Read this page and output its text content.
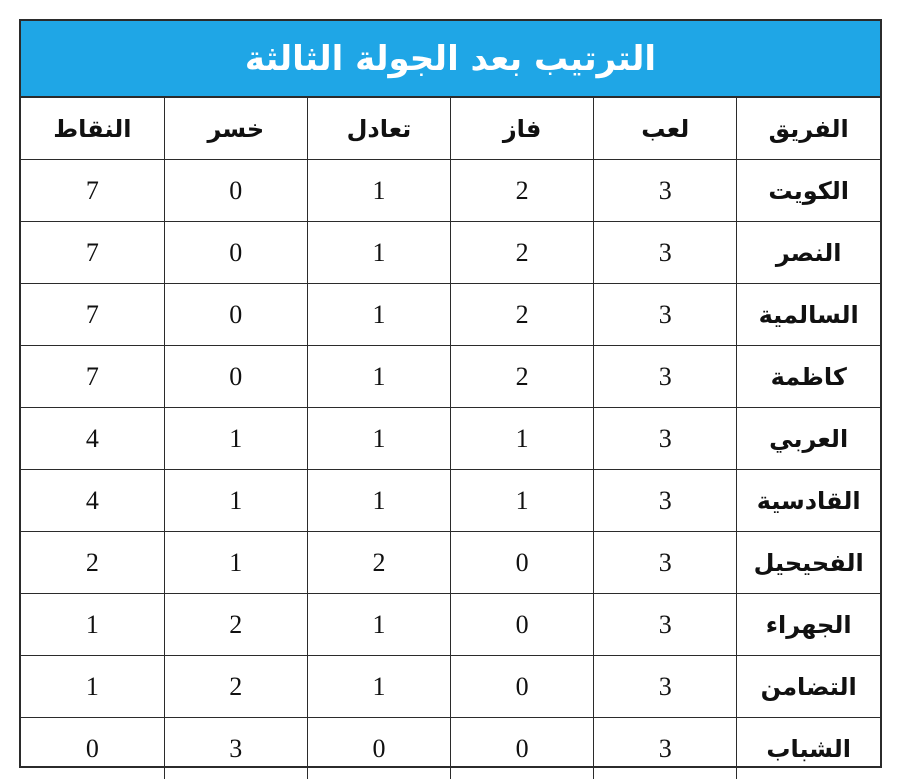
الترتيب بعد الجولة الثالثة
الفريق	لعب	فاز	تعادل	خسر	النقاط
الكويت	3	2	1	0	7
النصر	3	2	1	0	7
السالمية	3	2	1	0	7
كاظمة	3	2	1	0	7
العربي	3	1	1	1	4
القادسية	3	1	1	1	4
الفحيحيل	3	0	2	1	2
الجهراء	3	0	1	2	1
التضامن	3	0	1	2	1
الشباب	3	0	0	3	0
